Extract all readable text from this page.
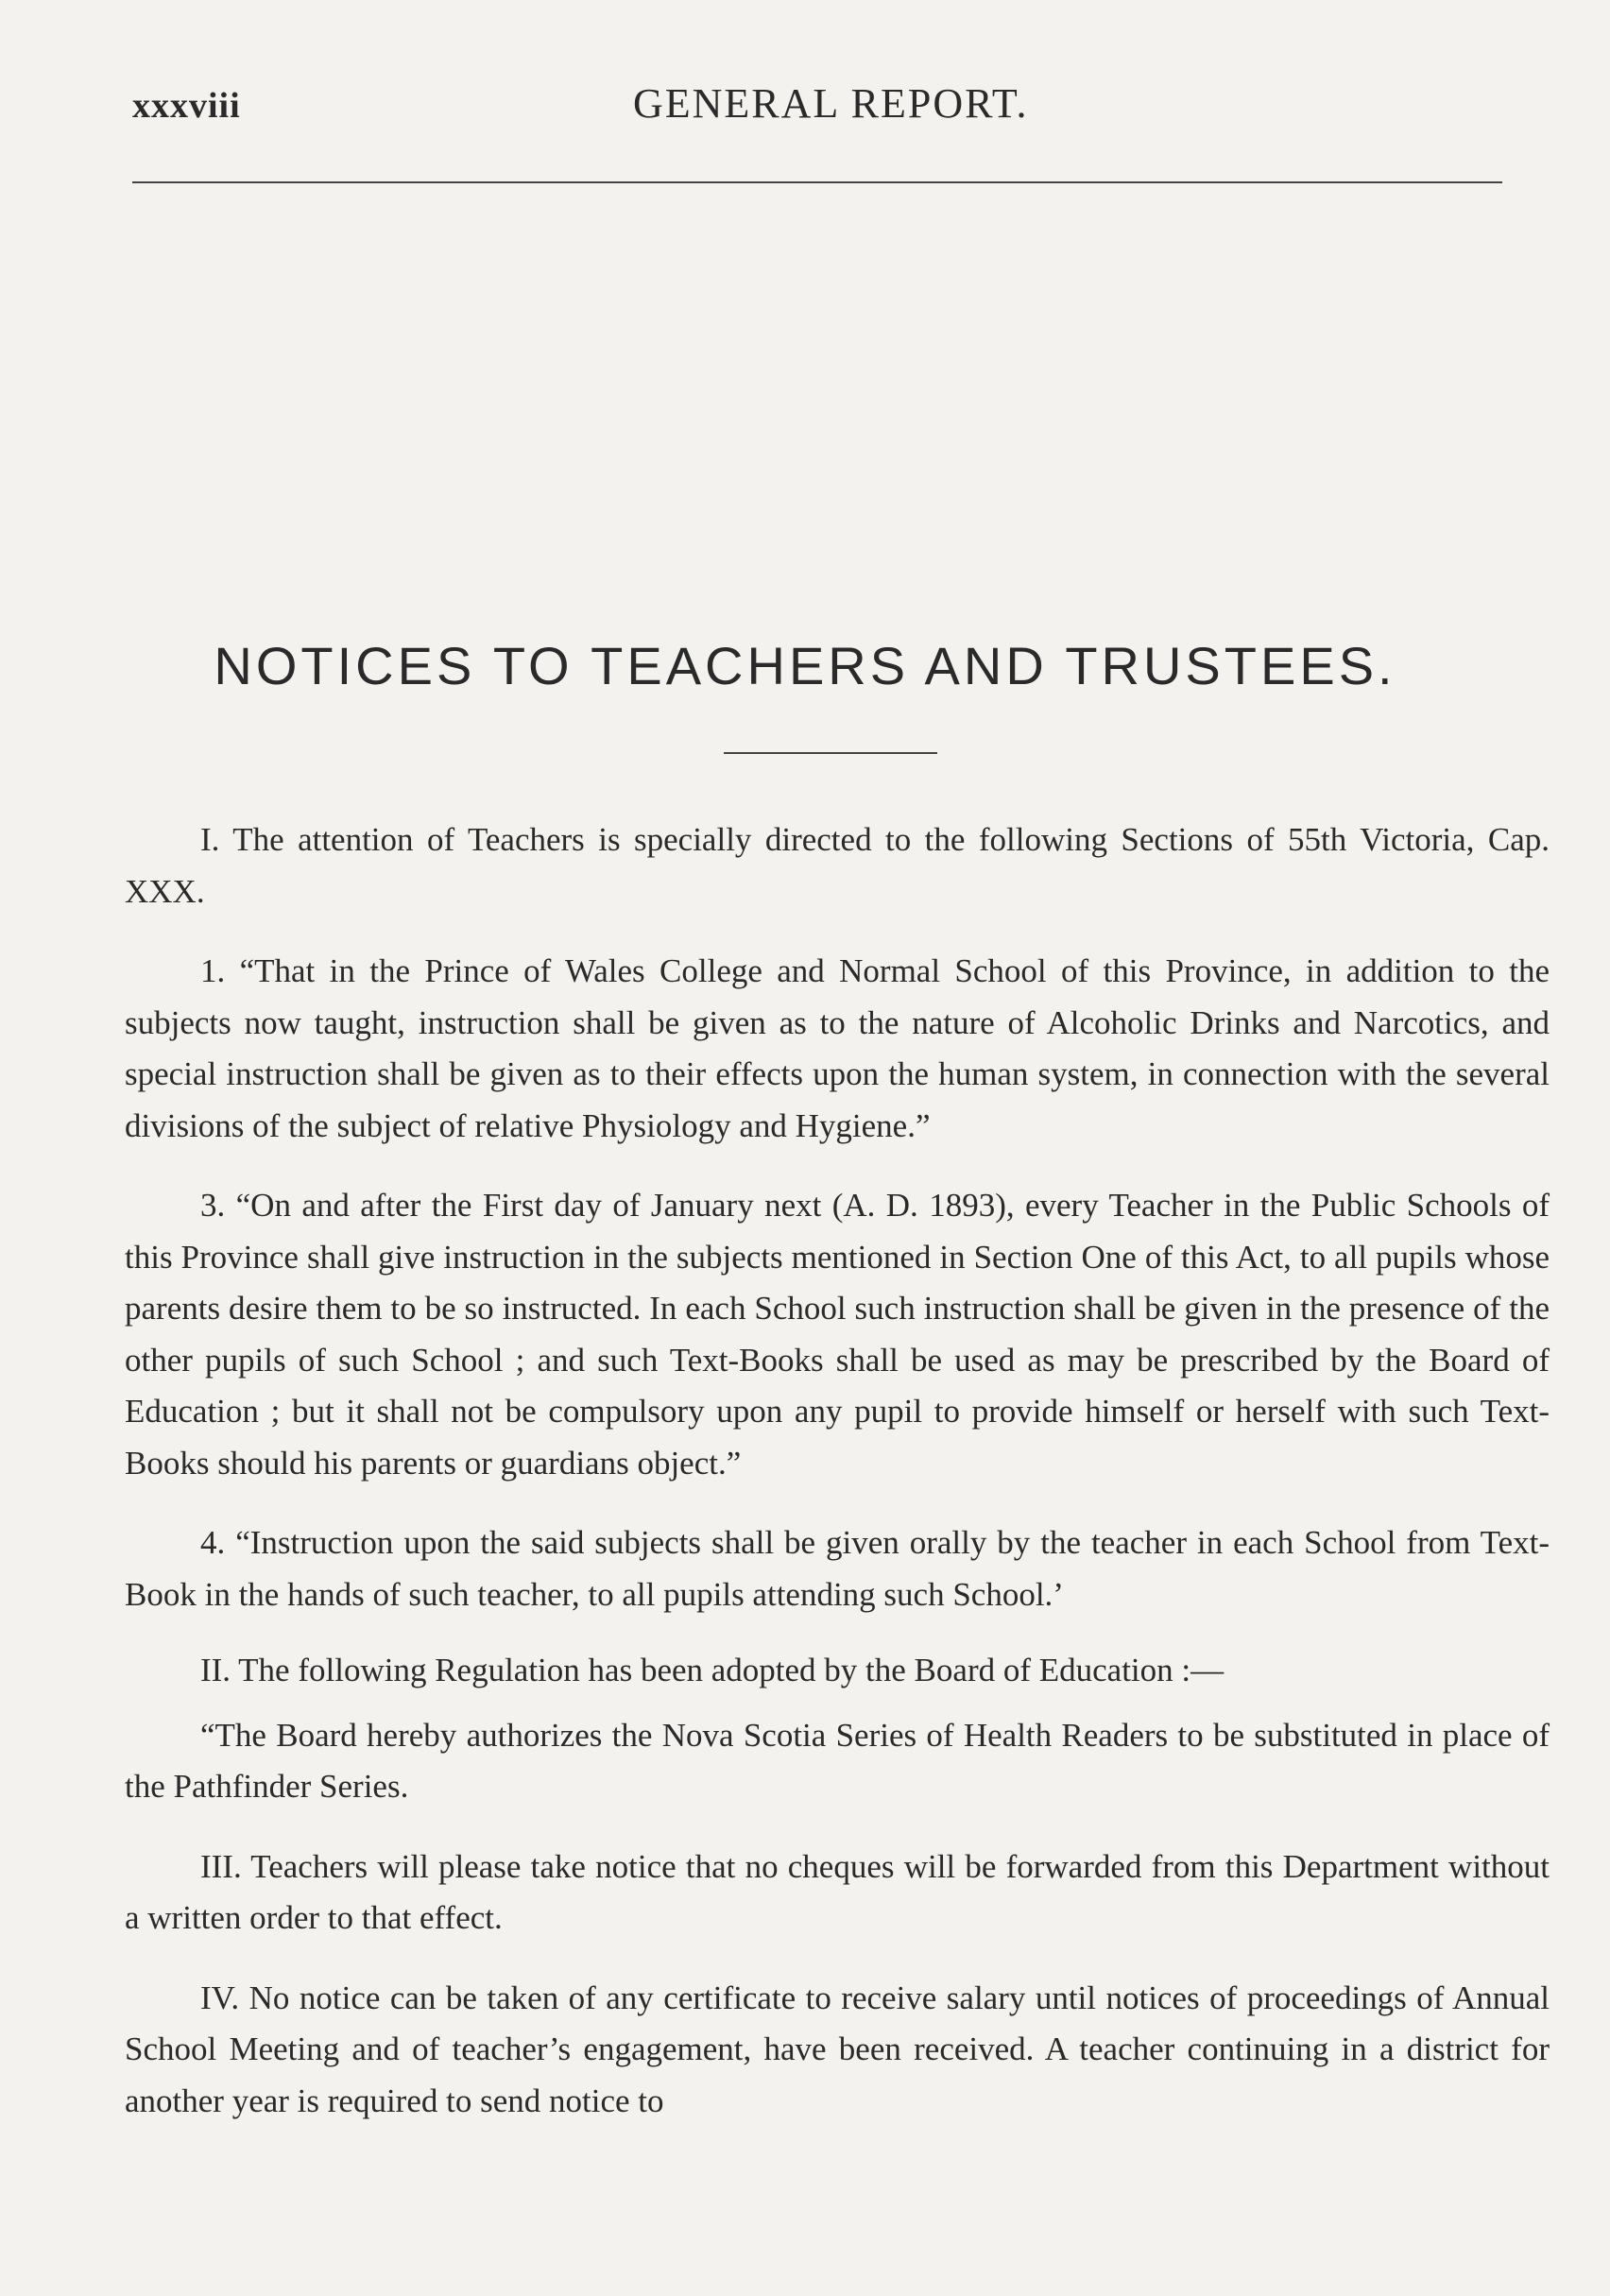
xxxviii	GENERAL REPORT.
NOTICES TO TEACHERS AND TRUSTEES.

I. The attention of Teachers is specially directed to the following Sections of 55th Victoria, Cap. XXX.

1. “That in the Prince of Wales College and Normal School of this Province, in addition to the subjects now taught, instruction shall be given as to the nature of Alcoholic Drinks and Narcotics, and special instruction shall be given as to their effects upon the human system, in connection with the several divisions of the subject of relative Physiology and Hygiene.”

3. “On and after the First day of January next (A. D. 1893), every Teacher in the Public Schools of this Province shall give instruction in the subjects mentioned in Section One of this Act, to all pupils whose parents desire them to be so instructed. In each School such instruction shall be given in the presence of the other pupils of such School ; and such Text-Books shall be used as may be prescribed by the Board of Education ; but it shall not be compulsory upon any pupil to provide himself or herself with such Text-Books should his parents or guardians object.”

4. “Instruction upon the said subjects shall be given orally by the teacher in each School from Text-Book in the hands of such teacher, to all pupils attending such School.’

II. The following Regulation has been adopted by the Board of Education :—

“The Board hereby authorizes the Nova Scotia Series of Health Readers to be substituted in place of the Pathfinder Series.

III. Teachers will please take notice that no cheques will be forwarded from this Department without a written order to that effect.

IV. No notice can be taken of any certificate to receive salary until notices of proceedings of Annual School Meeting and of teacher’s engagement, have been received. A teacher continuing in a district for another year is required to send notice to
